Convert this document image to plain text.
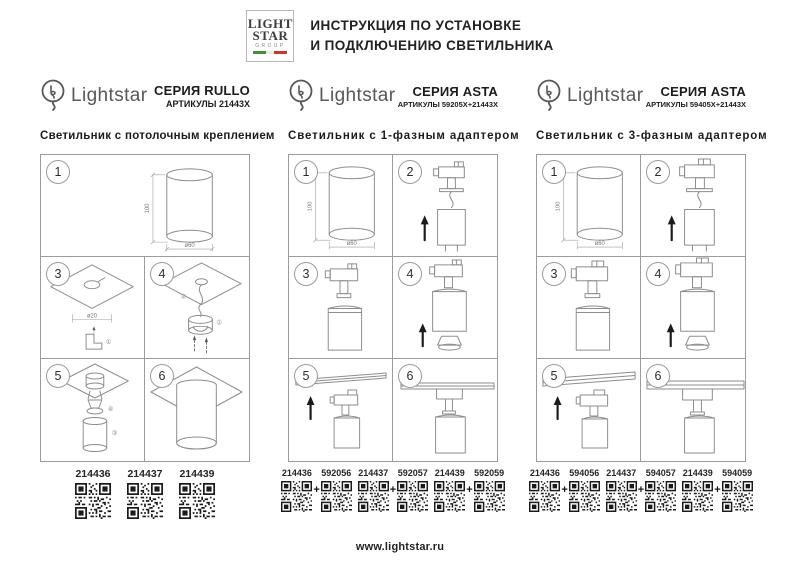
LIGHT
STAR
GROUP
ИНСТРУКЦИЯ ПО УСТАНОВКЕ
И ПОДКЛЮЧЕНИЮ СВЕТИЛЬНИКА
Lightstar СЕРИЯ RULLO
АРТИКУЛЫ 21443X
Светильник с потолочным креплением
1
100
ø60
3
ø20
①
4
②
①
5
④
③
6
214436 214437 214439
Lightstar	СЕРИЯ ASTA
АРТИКУЛЫ 59205X+21443X
Светильник с 1-фазным адаптером
1
100
ø60
2
3	4
5	6
214436
+
592056 214437
+
592057 214439
+
592059
Lightstar	СЕРИЯ ASTA
АРТИКУЛЫ 59405X+21443X
Светильник с 3-фазным адаптером
1
100
ø60
2
3	4
5	6
214436
+
594056 214437
+
594057 214439
+
594059
www.lightstar.ru
